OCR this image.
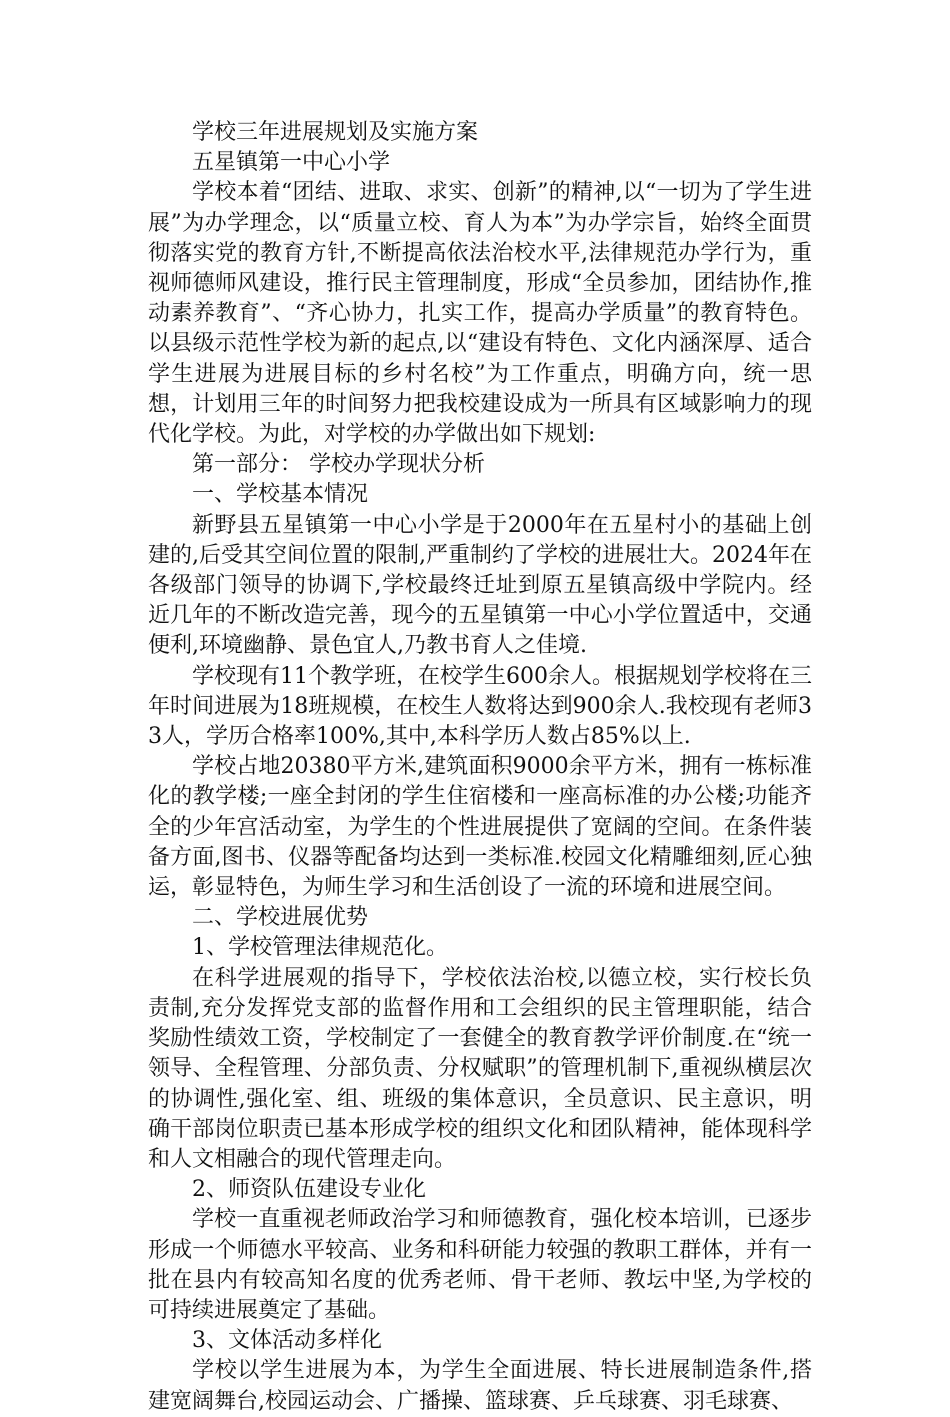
学校三年进展规划及实施方案

五星镇第一中心小学

学校本着“团结、进取、求实、创新”的精神,以“一切为了学生进展”为办学理念，以“质量立校、育人为本”为办学宗旨，始终全面贯彻落实党的教育方针,不断提高依法治校水平,法律规范办学行为，重视师德师风建设，推行民主管理制度，形成“全员参加，团结协作,推动素养教育”、“齐心协力，扎实工作，提高办学质量”的教育特色。以县级示范性学校为新的起点,以“建设有特色、文化内涵深厚、适合学生进展为进展目标的乡村名校”为工作重点，明确方向，统一思想，计划用三年的时间努力把我校建设成为一所具有区域影响力的现代化学校。为此，对学校的办学做出如下规划:

第一部分： 学校办学现状分析

一、学校基本情况

新野县五星镇第一中心小学是于2000年在五星村小的基础上创建的,后受其空间位置的限制,严重制约了学校的进展壮大。2024年在各级部门领导的协调下,学校最终迁址到原五星镇高级中学院内。经近几年的不断改造完善，现今的五星镇第一中心小学位置适中，交通便利,环境幽静、景色宜人,乃教书育人之佳境.

学校现有11个教学班，在校学生600余人。根据规划学校将在三年时间进展为18班规模，在校生人数将达到900余人.我校现有老师33人，学历合格率100%,其中,本科学历人数占85%以上.

学校占地20380平方米,建筑面积9000余平方米，拥有一栋标准化的教学楼;一座全封闭的学生住宿楼和一座高标准的办公楼;功能齐全的少年宫活动室，为学生的个性进展提供了宽阔的空间。在条件装备方面,图书、仪器等配备均达到一类标准.校园文化精雕细刻,匠心独运，彰显特色，为师生学习和生活创设了一流的环境和进展空间。

二、学校进展优势

1、学校管理法律规范化。

在科学进展观的指导下，学校依法治校,以德立校，实行校长负责制,充分发挥党支部的监督作用和工会组织的民主管理职能，结合奖励性绩效工资，学校制定了一套健全的教育教学评价制度.在“统一领导、全程管理、分部负责、分权赋职”的管理机制下,重视纵横层次的协调性,强化室、组、班级的集体意识，全员意识、民主意识，明确干部岗位职责已基本形成学校的组织文化和团队精神，能体现科学和人文相融合的现代管理走向。

2、师资队伍建设专业化

学校一直重视老师政治学习和师德教育，强化校本培训，已逐步形成一个师德水平较高、业务和科研能力较强的教职工群体，并有一批在县内有较高知名度的优秀老师、骨干老师、教坛中坚,为学校的可持续进展奠定了基础。

3、文体活动多样化

学校以学生进展为本，为学生全面进展、特长进展制造条件,搭建宽阔舞台,校园运动会、广播操、篮球赛、乒乓球赛、羽毛球赛、
